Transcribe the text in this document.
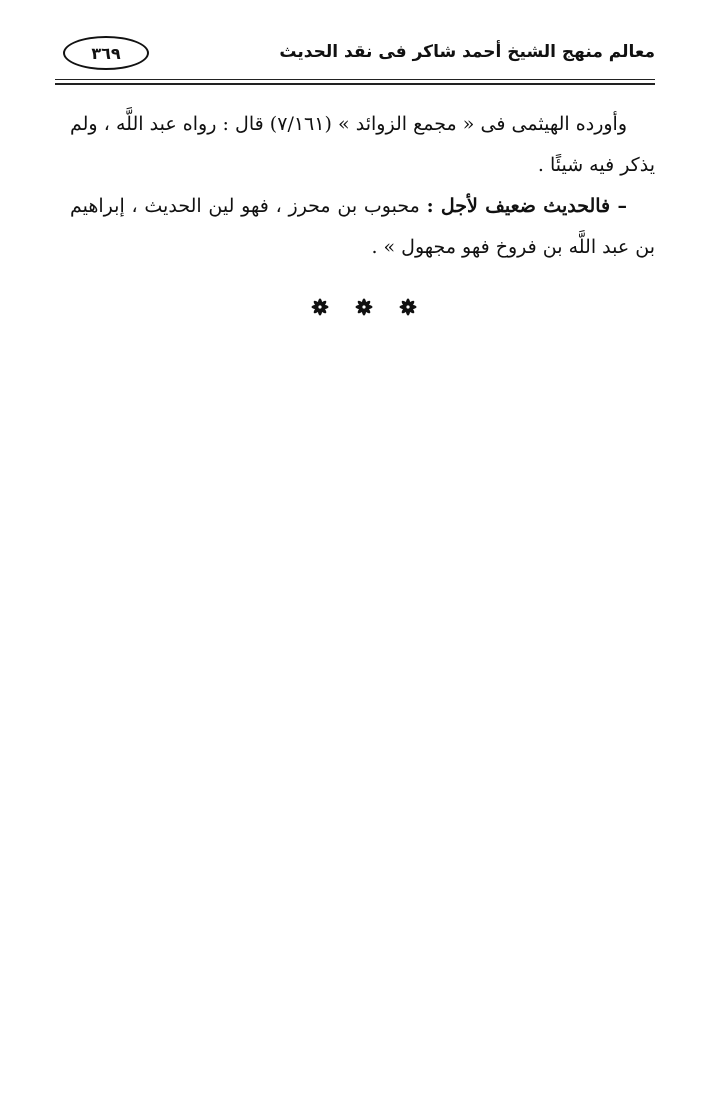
معالم منهج الشيخ أحمد شاكر فى نقد الحديث
٣٦٩

وأورده الهيثمى فى « مجمع الزوائد » (٧/١٦١) قال : رواه عبد اللَّه ، ولم يذكر فيه شيئًا .

– فالحديث ضعيف لأجل : محبوب بن محرز ، فهو لين الحديث ، إبراهيم بن عبد اللَّه بن فروخ فهو مجهول » .
